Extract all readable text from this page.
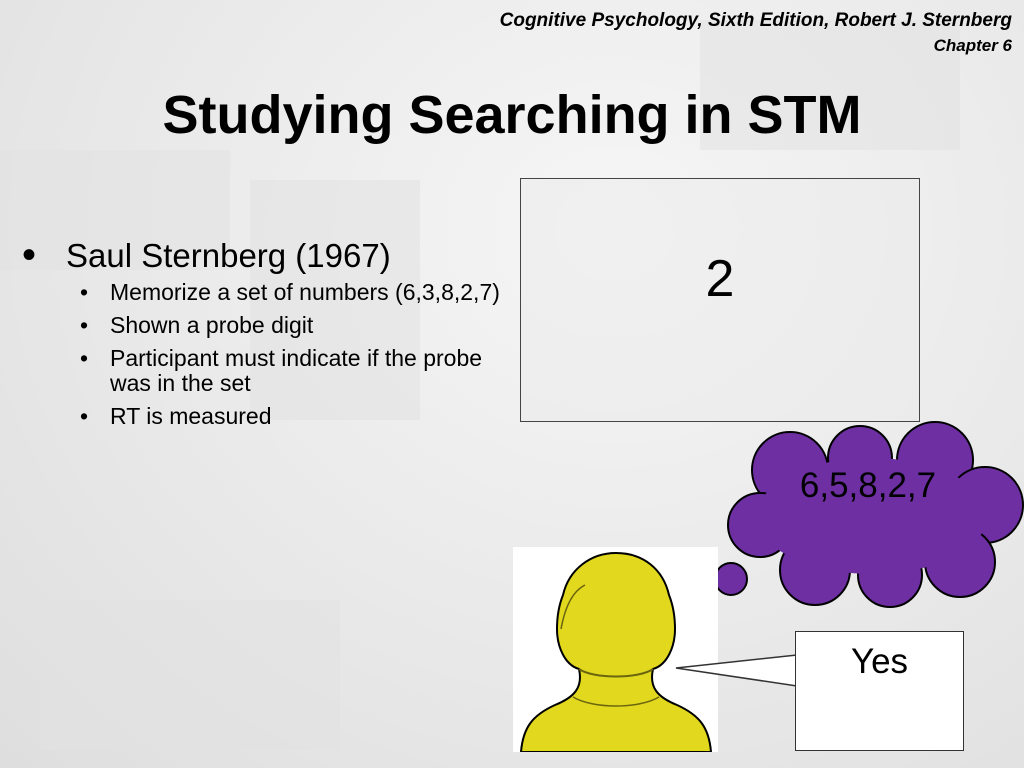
Cognitive Psychology, Sixth Edition, Robert J. Sternberg
Chapter 6
Studying Searching in STM
• Saul Sternberg (1967)
• Memorize a set of numbers (6,3,8,2,7)
• Shown a probe digit
• Participant must indicate if the probe was in the set
• RT is measured
2
6,5,8,2,7
Yes
